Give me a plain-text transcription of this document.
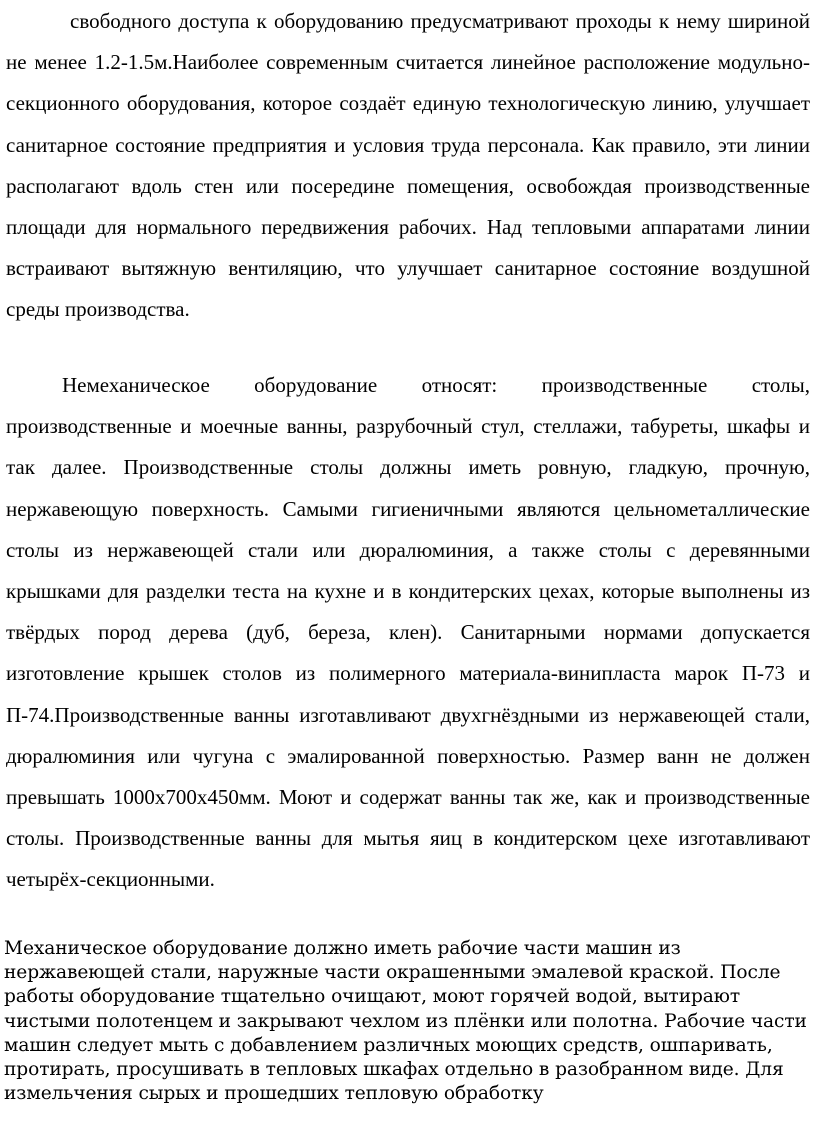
свободного доступа к оборудованию предусматривают проходы к нему шириной не менее 1.2-1.5м.Наиболее современным считается линейное расположение модульно- секционного оборудования, которое создаёт единую технологическую линию, улучшает санитарное состояние предприятия и условия труда персонала. Как правило, эти линии располагают вдоль стен или посередине помещения, освобождая производственные площади для нормального передвижения рабочих. Над тепловыми аппаратами линии встраивают вытяжную вентиляцию, что улучшает санитарное состояние воздушной среды производства.

Немеханическое оборудование относят: производственные столы, производственные и моечные ванны, разрубочный стул, стеллажи, табуреты, шкафы и так далее. Производственные столы должны иметь ровную, гладкую, прочную, нержавеющую поверхность. Самыми гигиеничными являются цельнометаллические столы из нержавеющей стали или дюралюминия, а также столы с деревянными крышками для разделки теста на кухне и в кондитерских цехах, которые выполнены из твёрдых пород дерева (дуб, береза, клен). Санитарными нормами допускается изготовление крышек столов из полимерного материала-винипласта марок П-73 и П-74.Производственные ванны изготавливают двухгнёздными из нержавеющей стали, дюралюминия или чугуна с эмалированной поверхностью. Размер ванн не должен превышать 1000х700х450мм. Моют и содержат ванны так же, как и производственные столы. Производственные ванны для мытья яиц в кондитерском цехе изготавливают четырёх-секционными.

Механическое оборудование должно иметь рабочие части машин из нержавеющей стали, наружные части окрашенными эмалевой краской. После работы оборудование тщательно очищают, моют горячей водой, вытирают чистыми полотенцем и закрывают чехлом из плёнки или полотна. Рабочие части машин следует мыть с добавлением различных моющих средств, ошпаривать, протирать, просушивать в тепловых шкафах отдельно в разобранном виде. Для измельчения сырых и прошедших тепловую обработку
